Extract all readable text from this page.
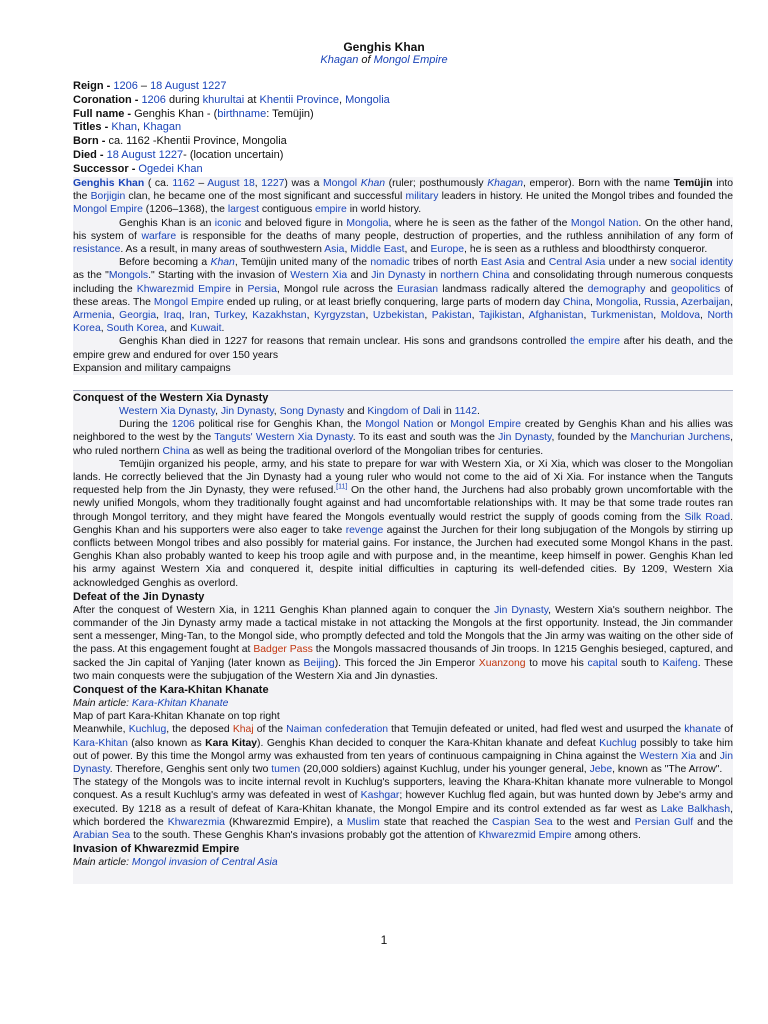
Genghis Khan
Khagan of Mongol Empire
Reign - 1206 – 18 August 1227
Coronation - 1206 during khurultai at Khentii Province, Mongolia
Full name - Genghis Khan - (birthname: Temüjin)
Titles - Khan, Khagan
Born - ca. 1162 -Khentii Province, Mongolia
Died - 18 August 1227- (location uncertain)
Successor - Ogedei Khan

Genghis Khan ( ca. 1162 – August 18, 1227) was a Mongol Khan (ruler; posthumously Khagan, emperor). Born with the name Temüjin into the Borjigin clan, he became one of the most significant and successful military leaders in history. He united the Mongol tribes and founded the Mongol Empire (1206–1368), the largest contiguous empire in world history.

Genghis Khan is an iconic and beloved figure in Mongolia, where he is seen as the father of the Mongol Nation. On the other hand, his system of warfare is responsible for the deaths of many people, destruction of properties, and the ruthless annihilation of any form of resistance. As a result, in many areas of southwestern Asia, Middle East, and Europe, he is seen as a ruthless and bloodthirsty conqueror.

Before becoming a Khan, Temüjin united many of the nomadic tribes of north East Asia and Central Asia under a new social identity as the "Mongols." Starting with the invasion of Western Xia and Jin Dynasty in northern China and consolidating through numerous conquests including the Khwarezmid Empire in Persia, Mongol rule across the Eurasian landmass radically altered the demography and geopolitics of these areas. The Mongol Empire ended up ruling, or at least briefly conquering, large parts of modern day China, Mongolia, Russia, Azerbaijan, Armenia, Georgia, Iraq, Iran, Turkey, Kazakhstan, Kyrgyzstan, Uzbekistan, Pakistan, Tajikistan, Afghanistan, Turkmenistan, Moldova, North Korea, South Korea, and Kuwait.

Genghis Khan died in 1227 for reasons that remain unclear. His sons and grandsons controlled the empire after his death, and the empire grew and endured for over 150 years

Expansion and military campaigns

Conquest of the Western Xia Dynasty

Western Xia Dynasty, Jin Dynasty, Song Dynasty and Kingdom of Dali in 1142.

During the 1206 political rise for Genghis Khan, the Mongol Nation or Mongol Empire created by Genghis Khan and his allies was neighbored to the west by the Tanguts' Western Xia Dynasty. To its east and south was the Jin Dynasty, founded by the Manchurian Jurchens, who ruled northern China as well as being the traditional overlord of the Mongolian tribes for centuries.

Temüjin organized his people, army, and his state to prepare for war with Western Xia, or Xi Xia, which was closer to the Mongolian lands. He correctly believed that the Jin Dynasty had a young ruler who would not come to the aid of Xi Xia. For instance when the Tanguts requested help from the Jin Dynasty, they were refused.[11] On the other hand, the Jurchens had also probably grown uncomfortable with the newly unified Mongols, whom they traditionally fought against and had uncomfortable relationships with. It may be that some trade routes ran through Mongol territory, and they might have feared the Mongols eventually would restrict the supply of goods coming from the Silk Road. Genghis Khan and his supporters were also eager to take revenge against the Jurchen for their long subjugation of the Mongols by stirring up conflicts between Mongol tribes and also possibly for material gains. For instance, the Jurchen had executed some Mongol Khans in the past. Genghis Khan also probably wanted to keep his troop agile and with purpose and, in the meantime, keep himself in power. Genghis Khan led his army against Western Xia and conquered it, despite initial difficulties in capturing its well-defended cities. By 1209, Western Xia acknowledged Genghis as overlord.

Defeat of the Jin Dynasty

After the conquest of Western Xia, in 1211 Genghis Khan planned again to conquer the Jin Dynasty, Western Xia's southern neighbor. The commander of the Jin Dynasty army made a tactical mistake in not attacking the Mongols at the first opportunity. Instead, the Jin commander sent a messenger, Ming-Tan, to the Mongol side, who promptly defected and told the Mongols that the Jin army was waiting on the other side of the pass. At this engagement fought at Badger Pass the Mongols massacred thousands of Jin troops. In 1215 Genghis besieged, captured, and sacked the Jin capital of Yanjing (later known as Beijing). This forced the Jin Emperor Xuanzong to move his capital south to Kaifeng. These two main conquests were the subjugation of the Western Xia and Jin dynasties.

Conquest of the Kara-Khitan Khanate

Main article: Kara-Khitan Khanate

Map of part Kara-Khitan Khanate on top right

Meanwhile, Kuchlug, the deposed Khaj of the Naiman confederation that Temujin defeated or united, had fled west and usurped the khanate of Kara-Khitan (also known as Kara Kitay). Genghis Khan decided to conquer the Kara-Khitan khanate and defeat Kuchlug possibly to take him out of power. By this time the Mongol army was exhausted from ten years of continuous campaigning in China against the Western Xia and Jin Dynasty. Therefore, Genghis sent only two tumen (20,000 soldiers) against Kuchlug, under his younger general, Jebe, known as "The Arrow".

The stategy of the Mongols was to incite internal revolt in Kuchlug's supporters, leaving the Khara-Khitan khanate more vulnerable to Mongol conquest. As a result Kuchlug's army was defeated in west of Kashgar; however Kuchlug fled again, but was hunted down by Jebe's army and executed. By 1218 as a result of defeat of Kara-Khitan khanate, the Mongol Empire and its control extended as far west as Lake Balkhash, which bordered the Khwarezmia (Khwarezmid Empire), a Muslim state that reached the Caspian Sea to the west and Persian Gulf and the Arabian Sea to the south. These Genghis Khan's invasions probably got the attention of Khwarezmid Empire among others.

Invasion of Khwarezmid Empire

Main article: Mongol invasion of Central Asia

1
